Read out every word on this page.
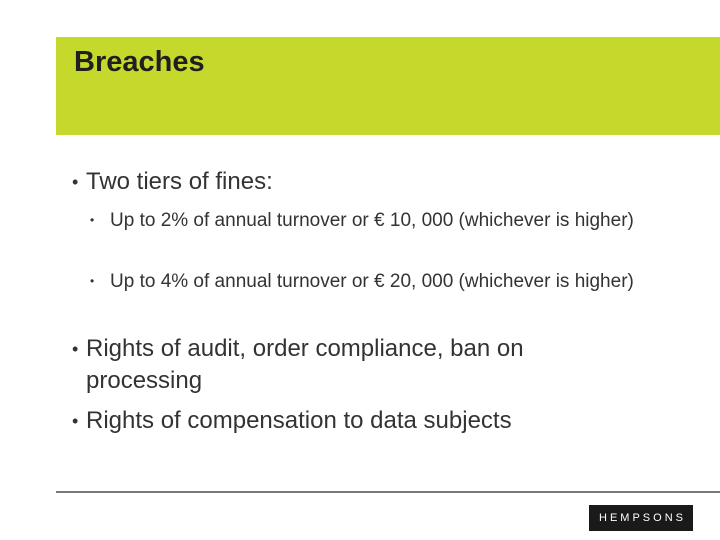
Breaches
• Two tiers of fines:
• Up to 2% of annual turnover or € 10, 000 (whichever is higher)
• Up to 4% of annual turnover or € 20, 000 (whichever is higher)
• Rights of audit, order compliance, ban on processing
• Rights of compensation to data subjects
HEMPSONS
